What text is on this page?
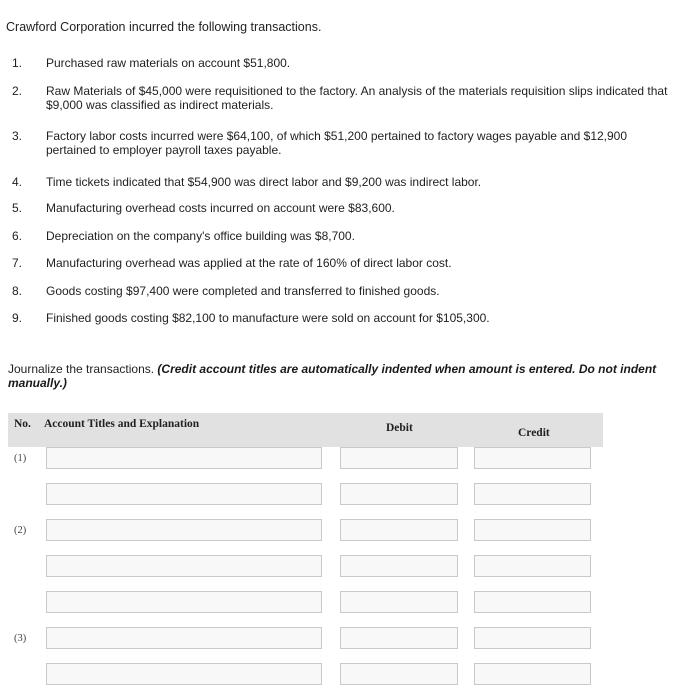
Crawford Corporation incurred the following transactions.
1. Purchased raw materials on account $51,800.
2. Raw Materials of $45,000 were requisitioned to the factory. An analysis of the materials requisition slips indicated that $9,000 was classified as indirect materials.
3. Factory labor costs incurred were $64,100, of which $51,200 pertained to factory wages payable and $12,900 pertained to employer payroll taxes payable.
4. Time tickets indicated that $54,900 was direct labor and $9,200 was indirect labor.
5. Manufacturing overhead costs incurred on account were $83,600.
6. Depreciation on the company's office building was $8,700.
7. Manufacturing overhead was applied at the rate of 160% of direct labor cost.
8. Goods costing $97,400 were completed and transferred to finished goods.
9. Finished goods costing $82,100 to manufacture were sold on account for $105,300.
Journalize the transactions. (Credit account titles are automatically indented when amount is entered. Do not indent manually.)
No. Account Titles and Explanation	Debit	Credit
(1)
(2)
(3)
